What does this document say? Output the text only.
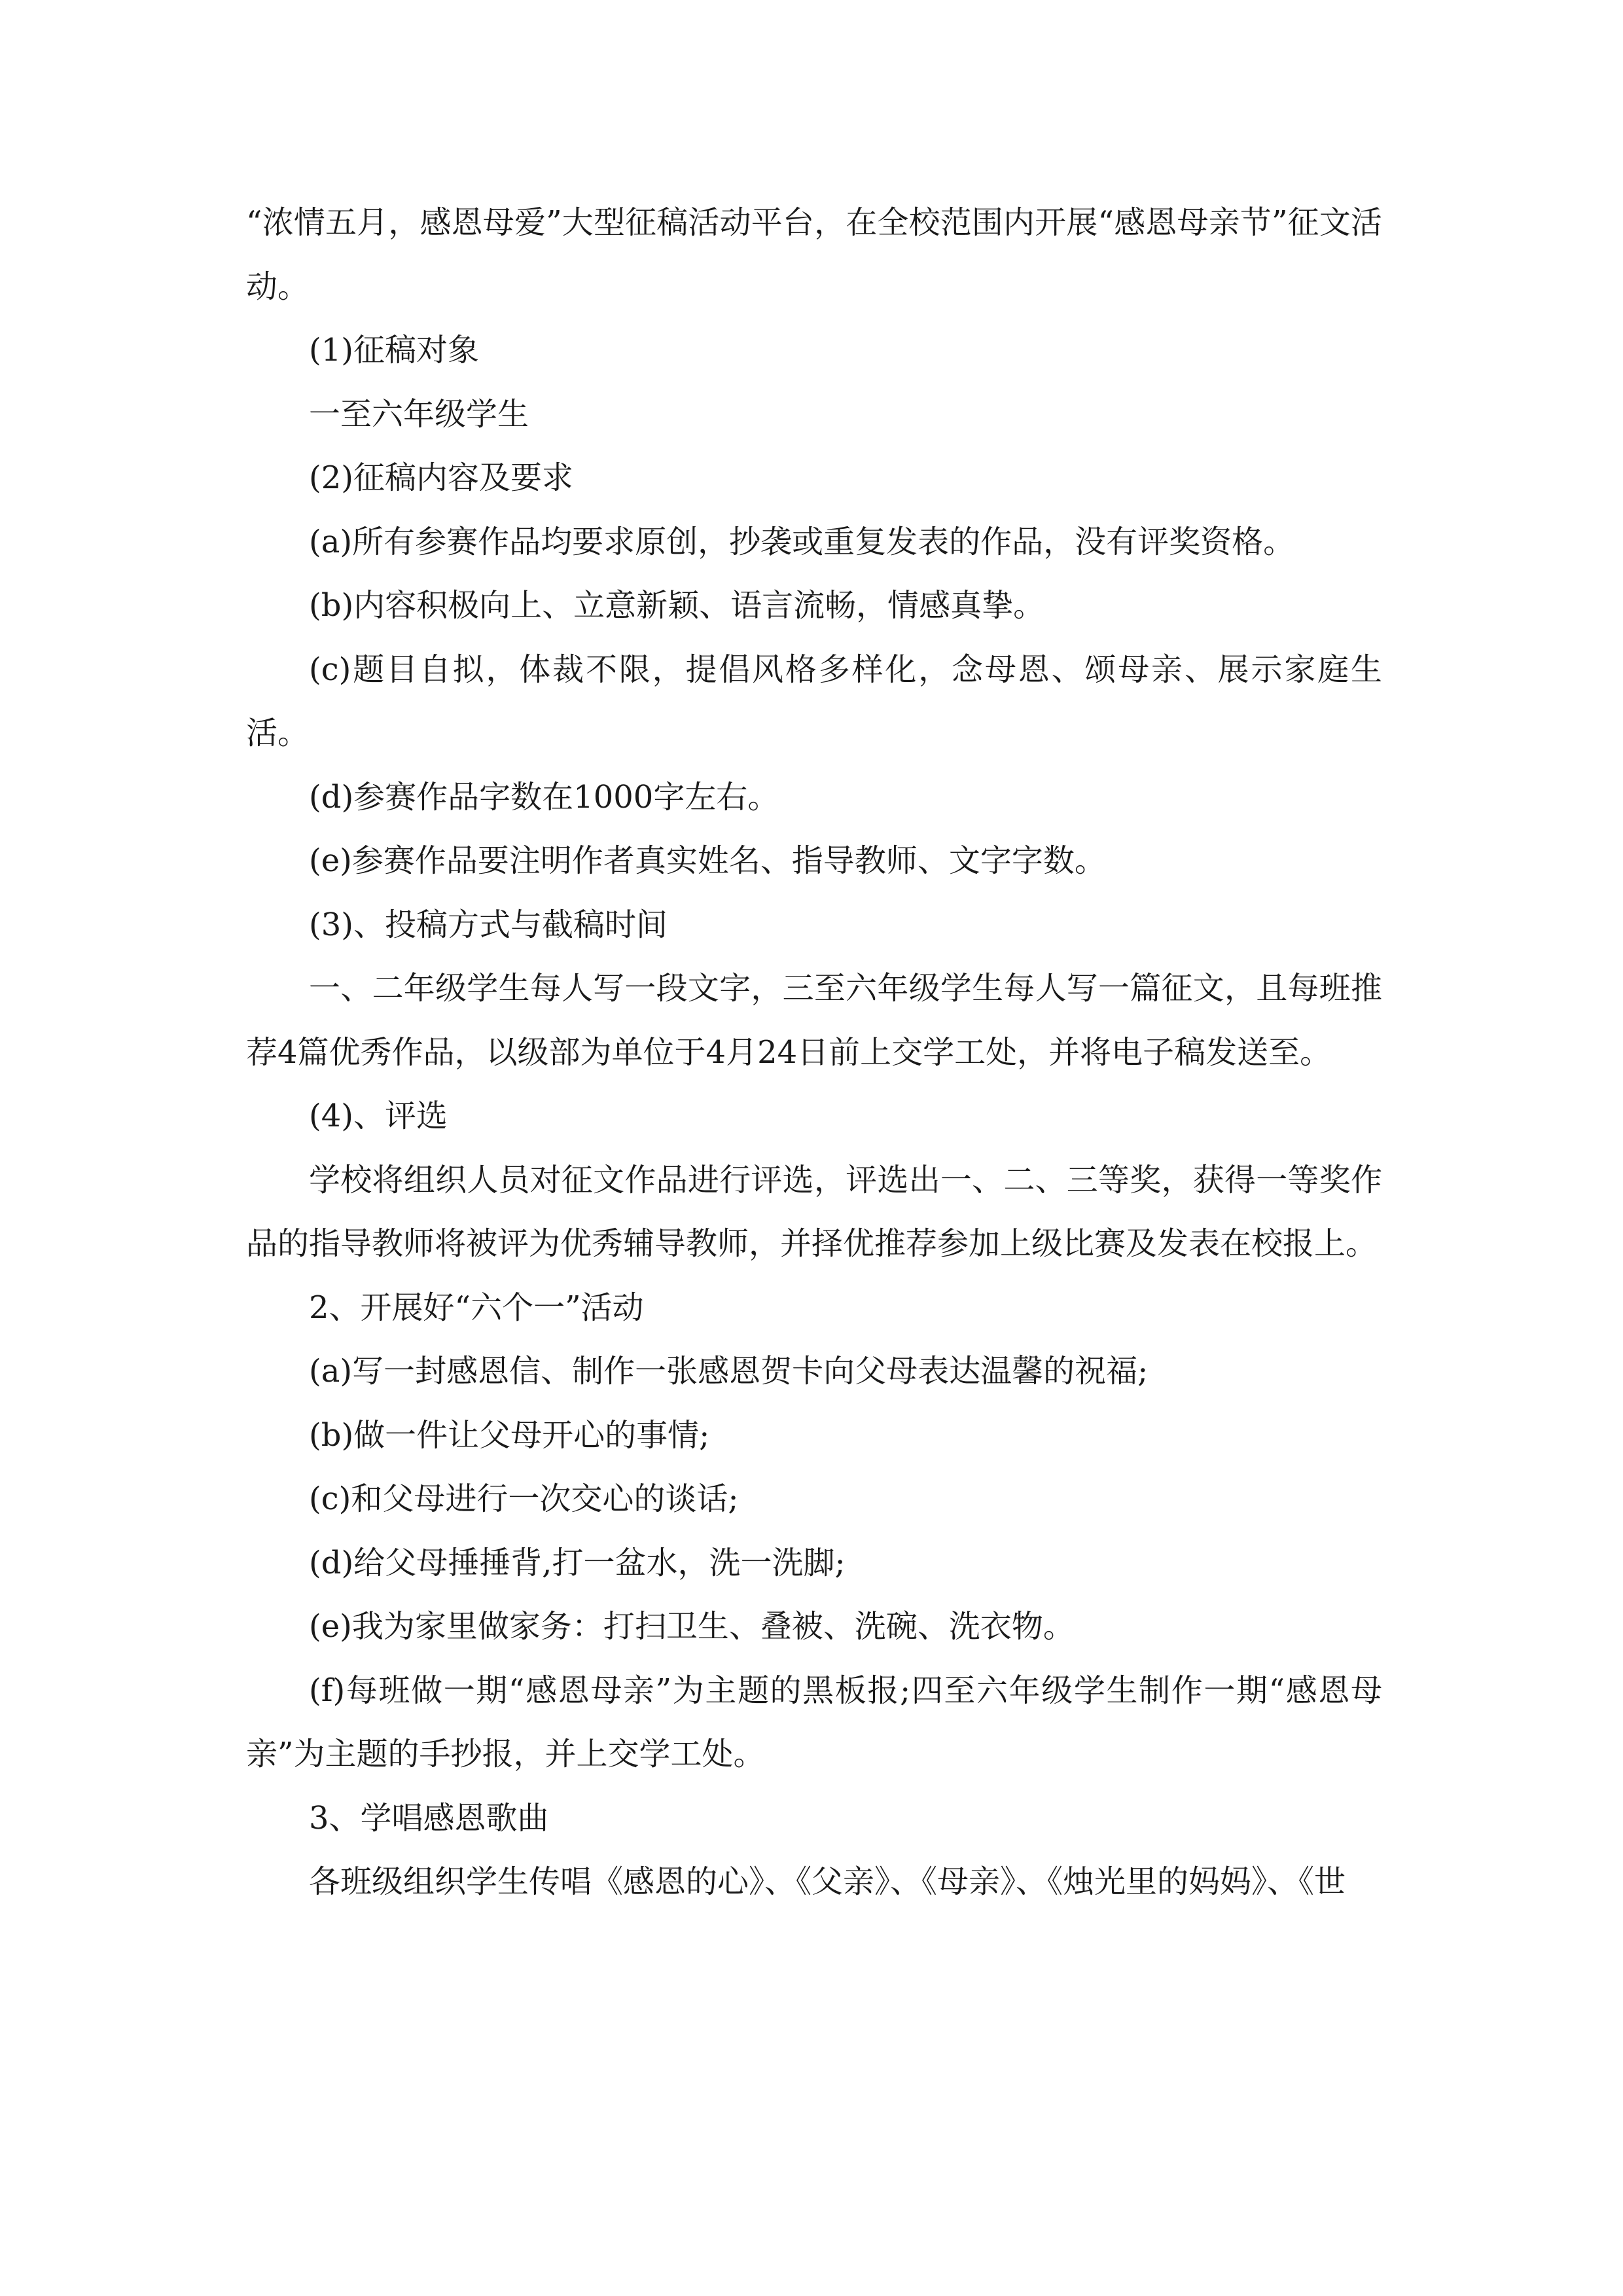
“浓情五月，感恩母爱”大型征稿活动平台，在全校范围内开展“感恩母亲节”征文活动。

(1)征稿对象

一至六年级学生

(2)征稿内容及要求

(a)所有参赛作品均要求原创，抄袭或重复发表的作品，没有评奖资格。

(b)内容积极向上、立意新颖、语言流畅，情感真挚。

(c)题目自拟，体裁不限，提倡风格多样化，念母恩、颂母亲、展示家庭生活。

(d)参赛作品字数在1000字左右。

(e)参赛作品要注明作者真实姓名、指导教师、文字字数。

(3)、投稿方式与截稿时间

一、二年级学生每人写一段文字，三至六年级学生每人写一篇征文，且每班推荐4篇优秀作品，以级部为单位于4月24日前上交学工处，并将电子稿发送至。

(4)、评选

学校将组织人员对征文作品进行评选，评选出一、二、三等奖，获得一等奖作品的指导教师将被评为优秀辅导教师，并择优推荐参加上级比赛及发表在校报上。

2、开展好“六个一”活动

(a)写一封感恩信、制作一张感恩贺卡向父母表达温馨的祝福;

(b)做一件让父母开心的事情;

(c)和父母进行一次交心的谈话;

(d)给父母捶捶背,打一盆水，洗一洗脚;

(e)我为家里做家务：打扫卫生、叠被、洗碗、洗衣物。

(f)每班做一期“感恩母亲”为主题的黑板报;四至六年级学生制作一期“感恩母亲”为主题的手抄报，并上交学工处。

3、学唱感恩歌曲

各班级组织学生传唱《感恩的心》、《父亲》、《母亲》、《烛光里的妈妈》、《世
